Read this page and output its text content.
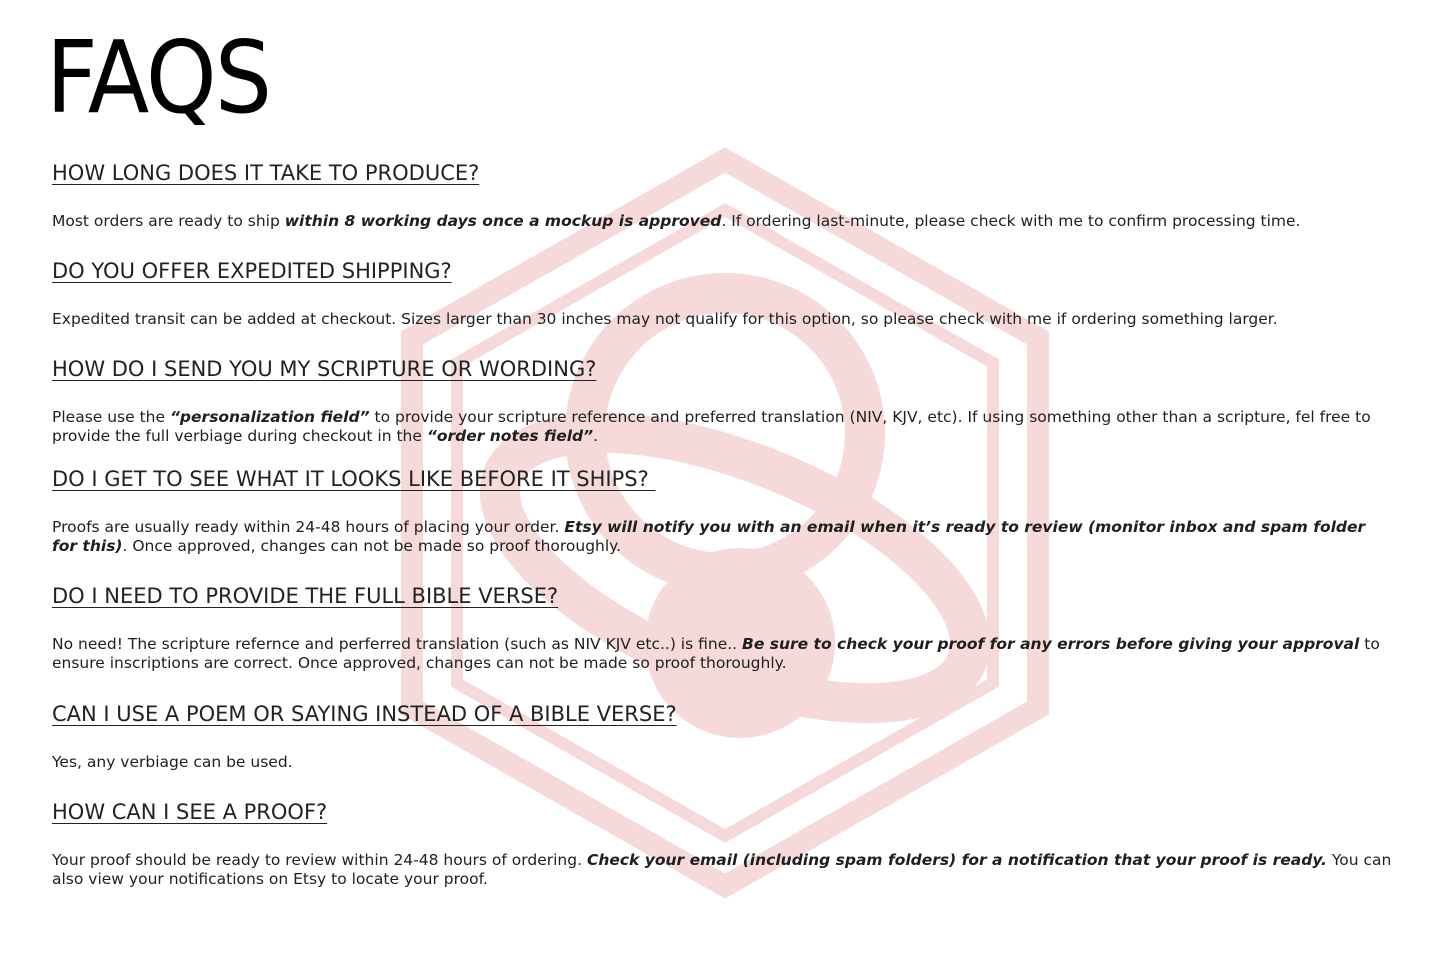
FAQS
HOW LONG DOES IT TAKE TO PRODUCE?

Most orders are ready to ship within 8 working days once a mockup is approved. If ordering last-minute, please check with me to confirm processing time.

DO YOU OFFER EXPEDITED SHIPPING?

Expedited transit can be added at checkout. Sizes larger than 30 inches may not qualify for this option, so please check with me if ordering something larger.

HOW DO I SEND YOU MY SCRIPTURE OR WORDING?

Please use the “personalization field” to provide your scripture reference and preferred translation (NIV, KJV, etc). If using something other than a scripture, fel free to provide the full verbiage during checkout in the “order notes field”.

DO I GET TO SEE WHAT IT LOOKS LIKE BEFORE IT SHIPS?

Proofs are usually ready within 24-48 hours of placing your order. Etsy will notify you with an email when it’s ready to review (monitor inbox and spam folder for this). Once approved, changes can not be made so proof thoroughly.

DO I NEED TO PROVIDE THE FULL BIBLE VERSE?

No need! The scripture refernce and perferred translation (such as NIV KJV etc..) is fine.. Be sure to check your proof for any errors before giving your approval to ensure inscriptions are correct. Once approved, changes can not be made so proof thoroughly.

CAN I USE A POEM OR SAYING INSTEAD OF A BIBLE VERSE?

Yes, any verbiage can be used.

HOW CAN I SEE A PROOF?

Your proof should be ready to review within 24-48 hours of ordering. Check your email (including spam folders) for a notification that your proof is ready. You can also view your notifications on Etsy to locate your proof.
